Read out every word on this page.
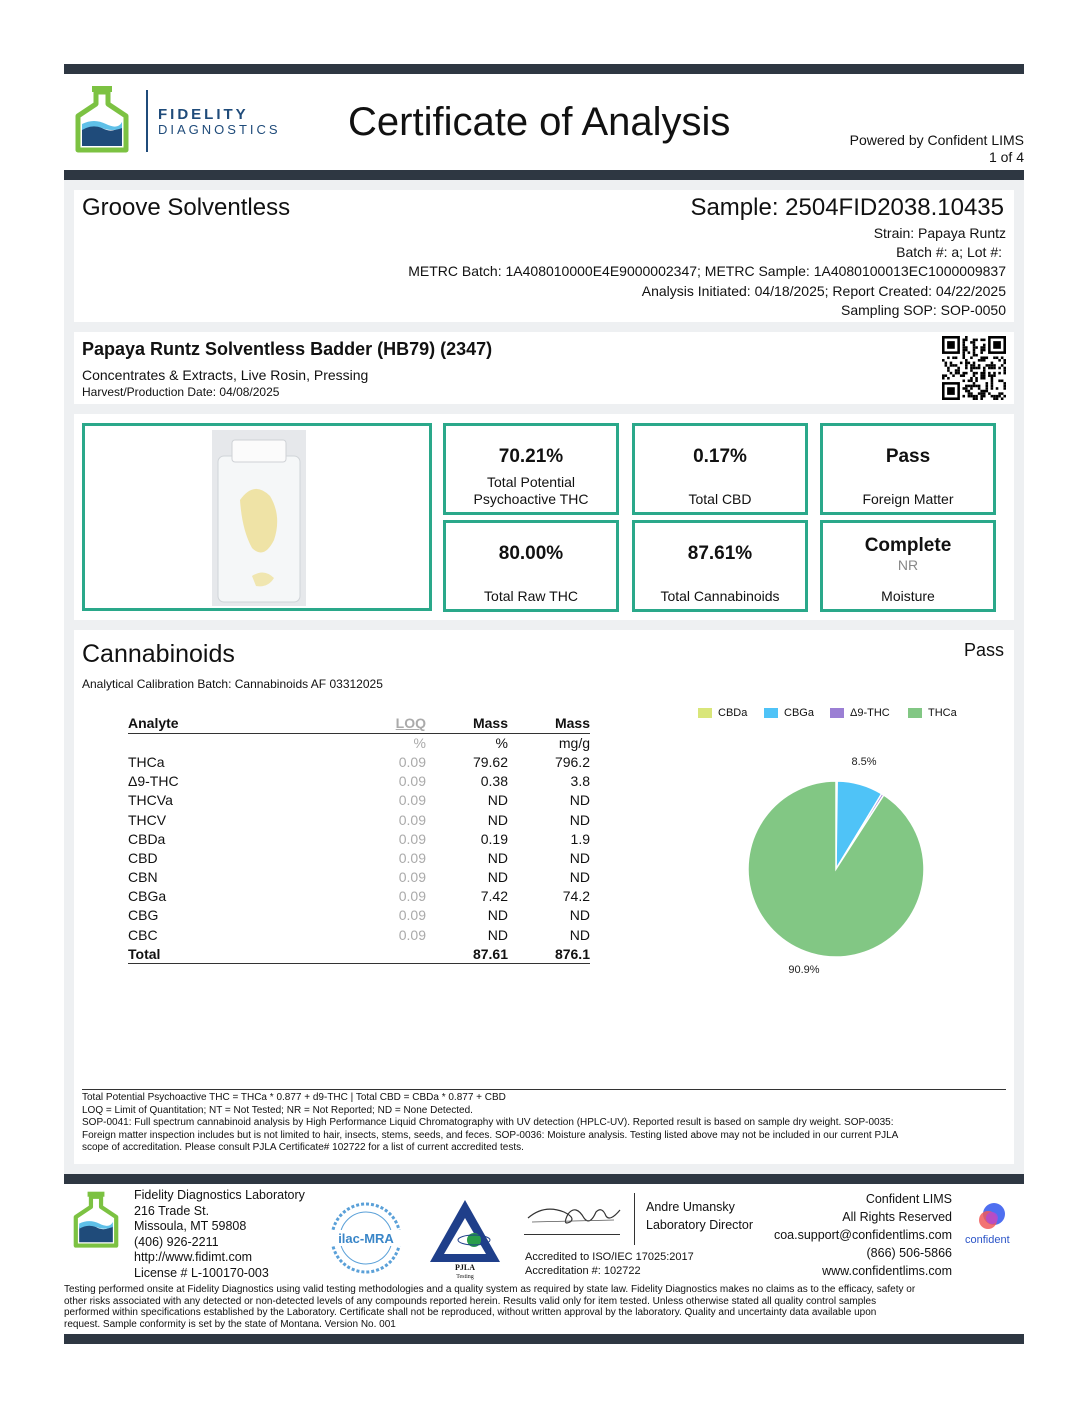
FIDELITY
DIAGNOSTICS Certificate of Analysis	Powered by Confident LIMS
1 of 4
Groove Solventless	Sample: 2504FID2038.10435
Strain: Papaya Runtz
Batch #: a; Lot #:
METRC Batch: 1A408010000E4E9000002347; METRC Sample: 1A4080100013EC1000009837
Analysis Initiated: 04/18/2025; Report Created: 04/22/2025
Sampling SOP: SOP-0050
Papaya Runtz Solventless Badder (HB79) (2347)
Concentrates & Extracts, Live Rosin, Pressing
Harvest/Production Date: 04/08/2025
70.21%
Total Potential
Psychoactive THC
0.17%
Total CBD
Pass
Foreign Matter
80.00%
Total Raw THC
87.61%
Total Cannabinoids
Complete
NR
Moisture
Cannabinoids	Pass
Analytical Calibration Batch: Cannabinoids AF 03312025
Analyte	LOQ	Mass	Mass
	%	%	mg/g
THCa	0.09	79.62	796.2
Δ9-THC	0.09	0.38	3.8
THCVa	0.09	ND	ND
THCV	0.09	ND	ND
CBDa	0.09	0.19	1.9
CBD	0.09	ND	ND
CBN	0.09	ND	ND
CBGa	0.09	7.42	74.2
CBG	0.09	ND	ND
CBC	0.09	ND	ND
Total		87.61	876.1
CBDa	CBGa	Δ9-THC	THCa
8.5%
90.9%
Total Potential Psychoactive THC = THCa * 0.877 + d9-THC | Total CBD = CBDa * 0.877 + CBD
LOQ = Limit of Quantitation; NT = Not Tested; NR = Not Reported; ND = None Detected.
SOP-0041: Full spectrum cannabinoid analysis by High Performance Liquid Chromatography with UV detection (HPLC-UV). Reported result is based on sample dry weight. SOP-0035:
Foreign matter inspection includes but is not limited to hair, insects, stems, seeds, and feces. SOP-0036: Moisture analysis. Testing listed above may not be included in our current PJLA
scope of accreditation. Please consult PJLA Certificate# 102722 for a list of current accredited tests.
Fidelity Diagnostics Laboratory
216 Trade St.
Missoula, MT 59808
(406) 926-2211
http://www.fidimt.com
License # L-100170-003
ilac-MRA
PJLA
Testing
Andre Umansky
Laboratory Director
Accredited to ISO/IEC 17025:2017
Accreditation #: 102722
Confident LIMS
All Rights Reserved
coa.support@confidentlims.com
(866) 506-5866
www.confidentlims.com
confident
Testing performed onsite at Fidelity Diagnostics using valid testing methodologies and a quality system as required by state law. Fidelity Diagnostics makes no claims as to the efficacy, safety or
other risks associated with any detected or non-detected levels of any compounds reported herein. Results valid only for item tested. Unless otherwise stated all quality control samples
performed within specifications established by the Laboratory. Certificate shall not be reproduced, without written approval by the laboratory. Quality and uncertainty data available upon
request. Sample conformity is set by the state of Montana. Version No. 001
